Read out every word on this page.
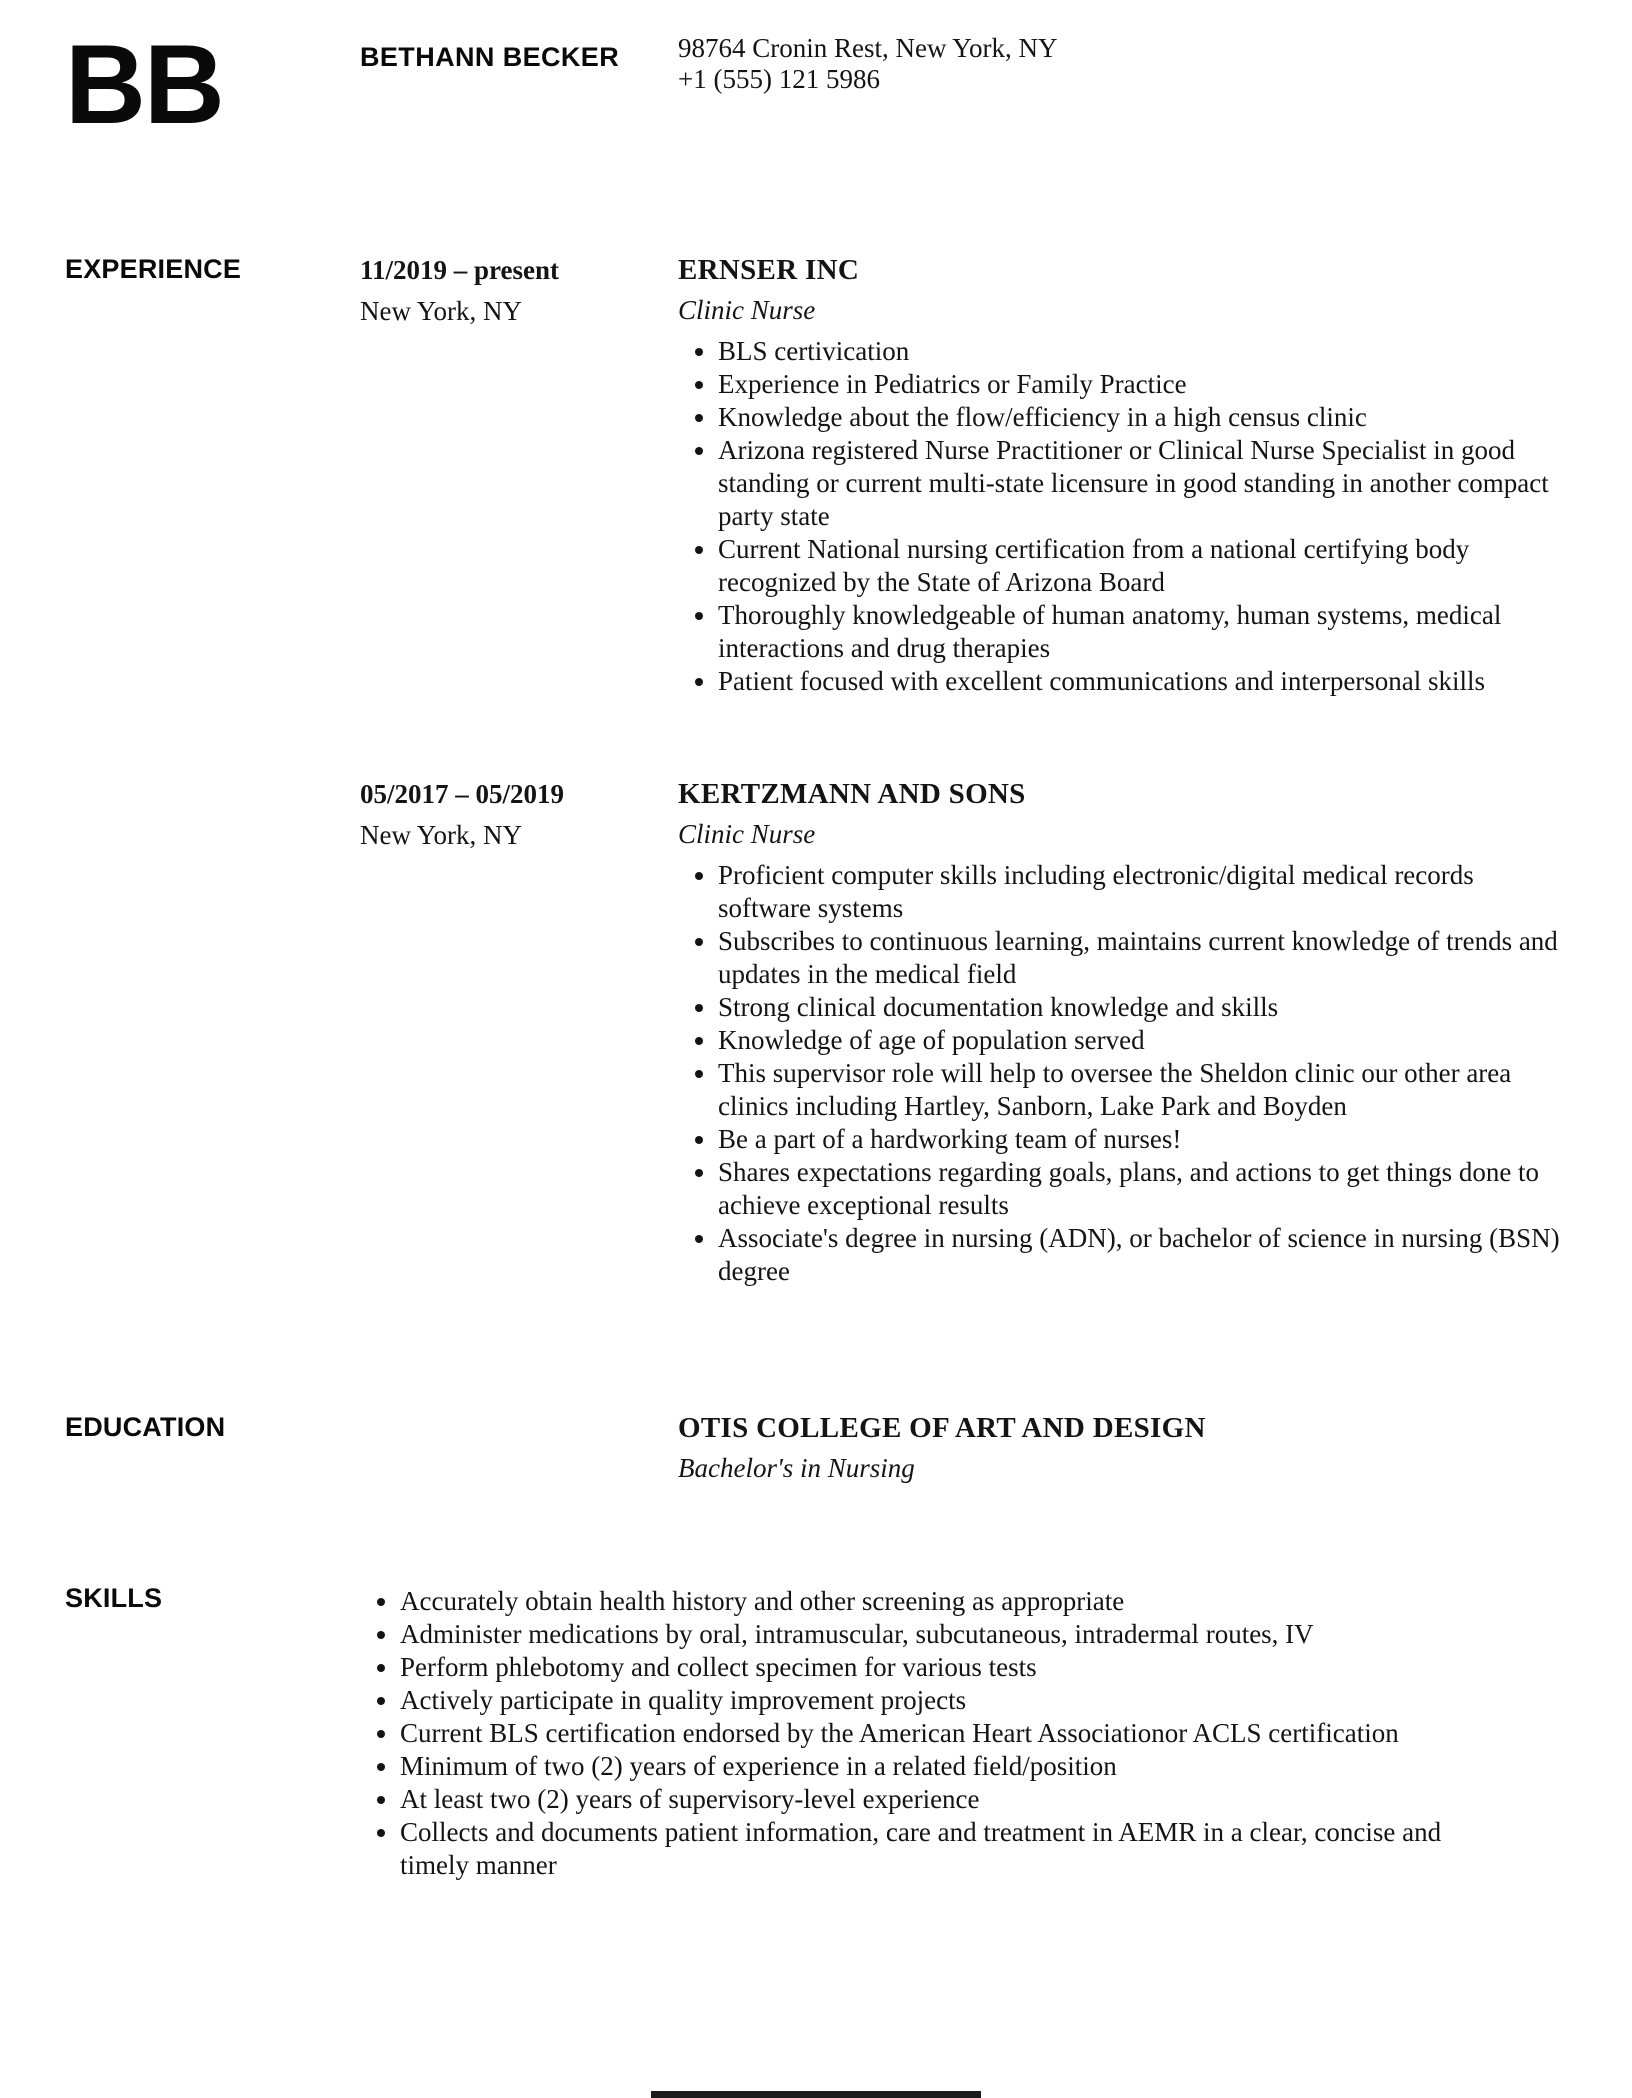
BB	BETHANN BECKER	98764 Cronin Rest, New York, NY
+1 (555) 121 5986
EXPERIENCE	11/2019 – present
New York, NY
ERNSER INC
Clinic Nurse
• BLS certivication
• Experience in Pediatrics or Family Practice
• Knowledge about the flow/efficiency in a high census clinic
• Arizona registered Nurse Practitioner or Clinical Nurse Specialist in good standing or current multi-state licensure in good standing in another compact party state
• Current National nursing certification from a national certifying body recognized by the State of Arizona Board
• Thoroughly knowledgeable of human anatomy, human systems, medical interactions and drug therapies
• Patient focused with excellent communications and interpersonal skills
05/2017 – 05/2019
New York, NY
KERTZMANN AND SONS
Clinic Nurse
• Proficient computer skills including electronic/digital medical records software systems
• Subscribes to continuous learning, maintains current knowledge of trends and updates in the medical field
• Strong clinical documentation knowledge and skills
• Knowledge of age of population served
• This supervisor role will help to oversee the Sheldon clinic our other area clinics including Hartley, Sanborn, Lake Park and Boyden
• Be a part of a hardworking team of nurses!
• Shares expectations regarding goals, plans, and actions to get things done to achieve exceptional results
• Associate's degree in nursing (ADN), or bachelor of science in nursing (BSN) degree
EDUCATION	OTIS COLLEGE OF ART AND DESIGN
Bachelor's in Nursing
SKILLS	• Accurately obtain health history and other screening as appropriate
• Administer medications by oral, intramuscular, subcutaneous, intradermal routes, IV
• Perform phlebotomy and collect specimen for various tests
• Actively participate in quality improvement projects
• Current BLS certification endorsed by the American Heart Associationor ACLS certification
• Minimum of two (2) years of experience in a related field/position
• At least two (2) years of supervisory-level experience
• Collects and documents patient information, care and treatment in AEMR in a clear, concise and timely manner
